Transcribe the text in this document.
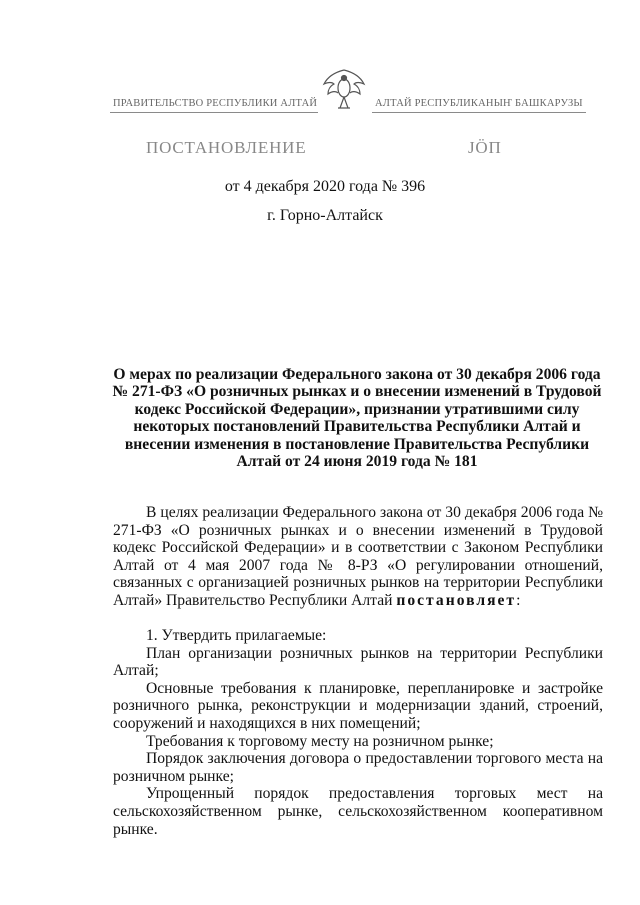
ПРАВИТЕЛЬСТВО РЕСПУБЛИКИ АЛТАЙ	АЛТАЙ РЕСПУБЛИКАНЫҤ БАШКАРУЗЫ
ПОСТАНОВЛЕНИЕ	ЈӦП
от 4 декабря 2020 года № 396
г. Горно-Алтайск
О мерах по реализации Федерального закона от 30 декабря 2006 года № 271-ФЗ «О розничных рынках и о внесении изменений в Трудовой кодекс Российской Федерации», признании утратившими силу некоторых постановлений Правительства Республики Алтай и внесении изменения в постановление Правительства Республики Алтай от 24 июня 2019 года № 181

В целях реализации Федерального закона от 30 декабря 2006 года № 271-ФЗ «О розничных рынках и о внесении изменений в Трудовой кодекс Российской Федерации» и в соответствии с Законом Республики Алтай от 4 мая 2007 года № 8-РЗ «О регулировании отношений, связанных с организацией розничных рынков на территории Республики Алтай» Правительство Республики Алтай постановляет:

1. Утвердить прилагаемые:

План организации розничных рынков на территории Республики Алтай;

Основные требования к планировке, перепланировке и застройке розничного рынка, реконструкции и модернизации зданий, строений, сооружений и находящихся в них помещений;

Требования к торговому месту на розничном рынке;

Порядок заключения договора о предоставлении торгового места на розничном рынке;

Упрощенный порядок предоставления торговых мест на сельскохозяйственном рынке, сельскохозяйственном кооперативном рынке.
